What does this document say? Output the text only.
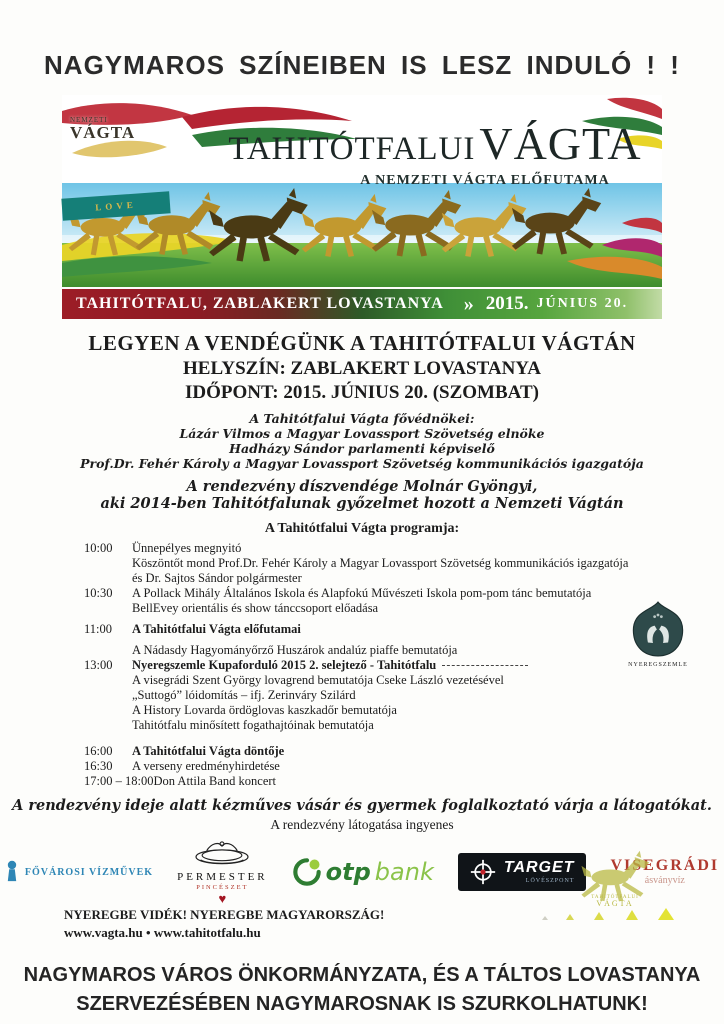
NAGYMAROS SZÍNEIBEN IS LESZ INDULÓ ! !
NEMZETI
VÁGTA
LOVE
TAHITÓTFALUI VÁGTA
A NEMZETI VÁGTA ELŐFUTAMA
TAHITÓTFALU, ZABLAKERT LOVASTANYA » 2015. JÚNIUS 20.
LEGYEN A VENDÉGÜNK A TAHITÓTFALUI VÁGTÁN
HELYSZÍN: ZABLAKERT LOVASTANYA
IDŐPONT: 2015. JÚNIUS 20. (SZOMBAT)
A Tahitótfalui Vágta fővédnökei:
Lázár Vilmos a Magyar Lovassport Szövetség elnöke
Hadházy Sándor parlamenti képviselő
Prof.Dr. Fehér Károly a Magyar Lovassport Szövetség kommunikációs igazgatója
A rendezvény díszvendége Molnár Gyöngyi,
aki 2014-ben Tahitótfalunak győzelmet hozott a Nemzeti Vágtán
A Tahitótfalui Vágta programja:
NYEREGSZEMLE
10:00	Ünnepélyes megnyitó
Köszöntőt mond Prof.Dr. Fehér Károly a Magyar Lovassport Szövetség kommunikációs igazgatója
és Dr. Sajtos Sándor polgármester
10:30	A Pollack Mihály Általános Iskola és Alapfokú Művészeti Iskola pom-pom tánc bemutatója
BellEvey orientális és show tánccsoport előadása
11:00	A Tahitótfalui Vágta előfutamai
A Nádasdy Hagyományőrző Huszárok andalúz piaffe bemutatója
13:00	Nyeregszemle Kupaforduló 2015 2. selejtező - Tahitótfalu
A visegrádi Szent György lovagrend bemutatója Cseke László vezetésével
„Suttogó” lóidomítás – ifj. Zerinváry Szilárd
A History Lovarda ördöglovas kaszkadőr bemutatója
Tahitótfalu minősített fogathajtóinak bemutatója
16:00	A Tahitótfalui Vágta döntője
16:30	A verseny eredményhirdetése
17:00 – 18:00 Don Attila Band koncert
A rendezvény ideje alatt kézműves vásár és gyermek foglalkoztató várja a látogatókat.
A rendezvény látogatása ingyenes
FŐVÁROSI VÍZMŰVEK PERMESTER
PINCÉSZET
♥
otp bank	TARGET
LÖVÉSZPONT
VISEGRÁDI
ásványvíz
NYEREGBE VIDÉK! NYEREGBE MAGYARORSZÁG!
www.vagta.hu • www.tahitotfalu.hu
TAHITÓTFALUI
VÁGTA
NAGYMAROS VÁROS ÖNKORMÁNYZATA, ÉS A TÁLTOS LOVASTANYA
SZERVEZÉSÉBEN NAGYMAROSNAK IS SZURKOLHATUNK!
